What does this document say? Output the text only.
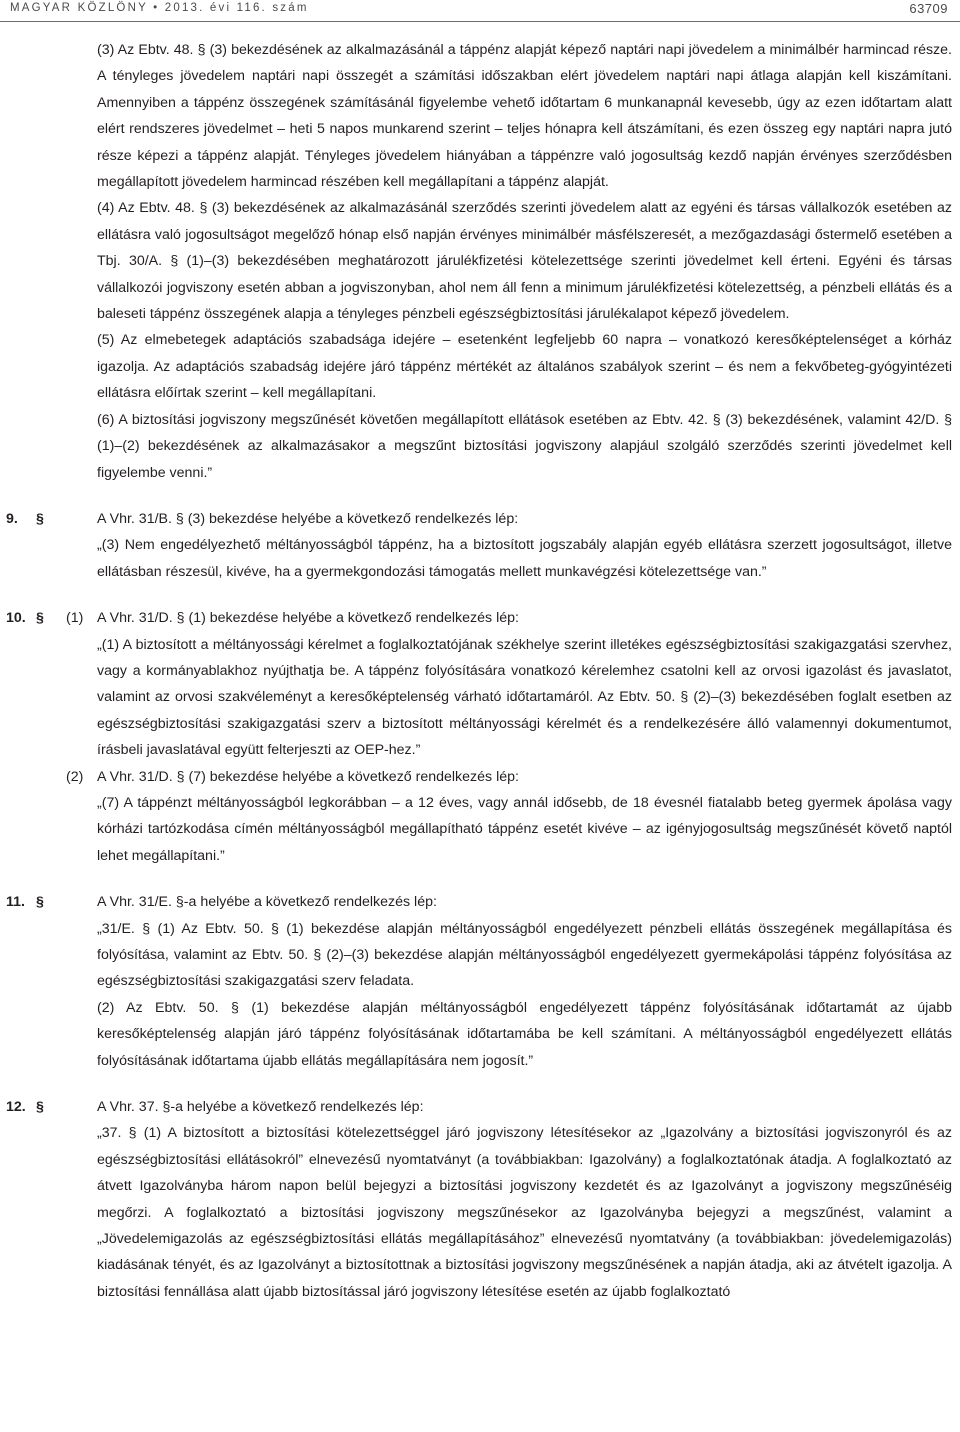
MAGYAR KÖZLÖNY • 2013. évi 116. szám	63709

(3) Az Ebtv. 48. § (3) bekezdésének az alkalmazásánál a táppénz alapját képező naptári napi jövedelem a minimálbér harmincad része. A tényleges jövedelem naptári napi összegét a számítási időszakban elért jövedelem naptári napi átlaga alapján kell kiszámítani. Amennyiben a táppénz összegének számításánál figyelembe vehető időtartam 6 munkanapnál kevesebb, úgy az ezen időtartam alatt elért rendszeres jövedelmet – heti 5 napos munkarend szerint – teljes hónapra kell átszámítani, és ezen összeg egy naptári napra jutó része képezi a táppénz alapját. Tényleges jövedelem hiányában a táppénzre való jogosultság kezdő napján érvényes szerződésben megállapított jövedelem harmincad részében kell megállapítani a táppénz alapját.

(4) Az Ebtv. 48. § (3) bekezdésének az alkalmazásánál szerződés szerinti jövedelem alatt az egyéni és társas vállalkozók esetében az ellátásra való jogosultságot megelőző hónap első napján érvényes minimálbér másfélszeresét, a mezőgazdasági őstermelő esetében a Tbj. 30/A. § (1)–(3) bekezdésében meghatározott járulékfizetési kötelezettsége szerinti jövedelmet kell érteni. Egyéni és társas vállalkozói jogviszony esetén abban a jogviszonyban, ahol nem áll fenn a minimum járulékfizetési kötelezettség, a pénzbeli ellátás és a baleseti táppénz összegének alapja a tényleges pénzbeli egészségbiztosítási járulékalapot képező jövedelem.

(5) Az elmebetegek adaptációs szabadsága idejére – esetenként legfeljebb 60 napra – vonatkozó keresőképtelenséget a kórház igazolja. Az adaptációs szabadság idejére járó táppénz mértékét az általános szabályok szerint – és nem a fekvőbeteg-gyógyintézeti ellátásra előírtak szerint – kell megállapítani.

(6) A biztosítási jogviszony megszűnését követően megállapított ellátások esetében az Ebtv. 42. § (3) bekezdésének, valamint 42/D. § (1)–(2) bekezdésének az alkalmazásakor a megszűnt biztosítási jogviszony alapjául szolgáló szerződés szerinti jövedelmet kell figyelembe venni.”

9. §	A Vhr. 31/B. § (3) bekezdése helyébe a következő rendelkezés lép:
„(3) Nem engedélyezhető méltányosságból táppénz, ha a biztosított jogszabály alapján egyéb ellátásra szerzett jogosultságot, illetve ellátásban részesül, kivéve, ha a gyermekgondozási támogatás mellett munkavégzési kötelezettsége van.”
10. § (1) A Vhr. 31/D. § (1) bekezdése helyébe a következő rendelkezés lép:
„(1) A biztosított a méltányossági kérelmet a foglalkoztatójának székhelye szerint illetékes egészségbiztosítási szakigazgatási szervhez, vagy a kormányablakhoz nyújthatja be. A táppénz folyósítására vonatkozó kérelemhez csatolni kell az orvosi igazolást és javaslatot, valamint az orvosi szakvéleményt a keresőképtelenség várható időtartamáról. Az Ebtv. 50. § (2)–(3) bekezdésében foglalt esetben az egészségbiztosítási szakigazgatási szerv a biztosított méltányossági kérelmét és a rendelkezésére álló valamennyi dokumentumot, írásbeli javaslatával együtt felterjeszti az OEP-hez.”
(2) A Vhr. 31/D. § (7) bekezdése helyébe a következő rendelkezés lép:
„(7) A táppénzt méltányosságból legkorábban – a 12 éves, vagy annál idősebb, de 18 évesnél fiatalabb beteg gyermek ápolása vagy kórházi tartózkodása címén méltányosságból megállapítható táppénz esetét kivéve – az igényjogosultság megszűnését követő naptól lehet megállapítani.”
11. §	A Vhr. 31/E. §-a helyébe a következő rendelkezés lép:
„31/E. § (1) Az Ebtv. 50. § (1) bekezdése alapján méltányosságból engedélyezett pénzbeli ellátás összegének megállapítása és folyósítása, valamint az Ebtv. 50. § (2)–(3) bekezdése alapján méltányosságból engedélyezett gyermekápolási táppénz folyósítása az egészségbiztosítási szakigazgatási szerv feladata.
(2) Az Ebtv. 50. § (1) bekezdése alapján méltányosságból engedélyezett táppénz folyósításának időtartamát az újabb keresőképtelenség alapján járó táppénz folyósításának időtartamába be kell számítani. A méltányosságból engedélyezett ellátás folyósításának időtartama újabb ellátás megállapítására nem jogosít.”
12. §	A Vhr. 37. §-a helyébe a következő rendelkezés lép:
„37. § (1) A biztosított a biztosítási kötelezettséggel járó jogviszony létesítésekor az „Igazolvány a biztosítási jogviszonyról és az egészségbiztosítási ellátásokról” elnevezésű nyomtatványt (a továbbiakban: Igazolvány) a foglalkoztatónak átadja. A foglalkoztató az átvett Igazolványba három napon belül bejegyzi a biztosítási jogviszony kezdetét és az Igazolványt a jogviszony megszűnéséig megőrzi. A foglalkoztató a biztosítási jogviszony megszűnésekor az Igazolványba bejegyzi a megszűnést, valamint a „Jövedelemigazolás az egészségbiztosítási ellátás megállapításához” elnevezésű nyomtatvány (a továbbiakban: jövedelemigazolás) kiadásának tényét, és az Igazolványt a biztosítottnak a biztosítási jogviszony megszűnésének a napján átadja, aki az átvételt igazolja. A biztosítási fennállása alatt újabb biztosítással járó jogviszony létesítése esetén az újabb foglalkoztató
